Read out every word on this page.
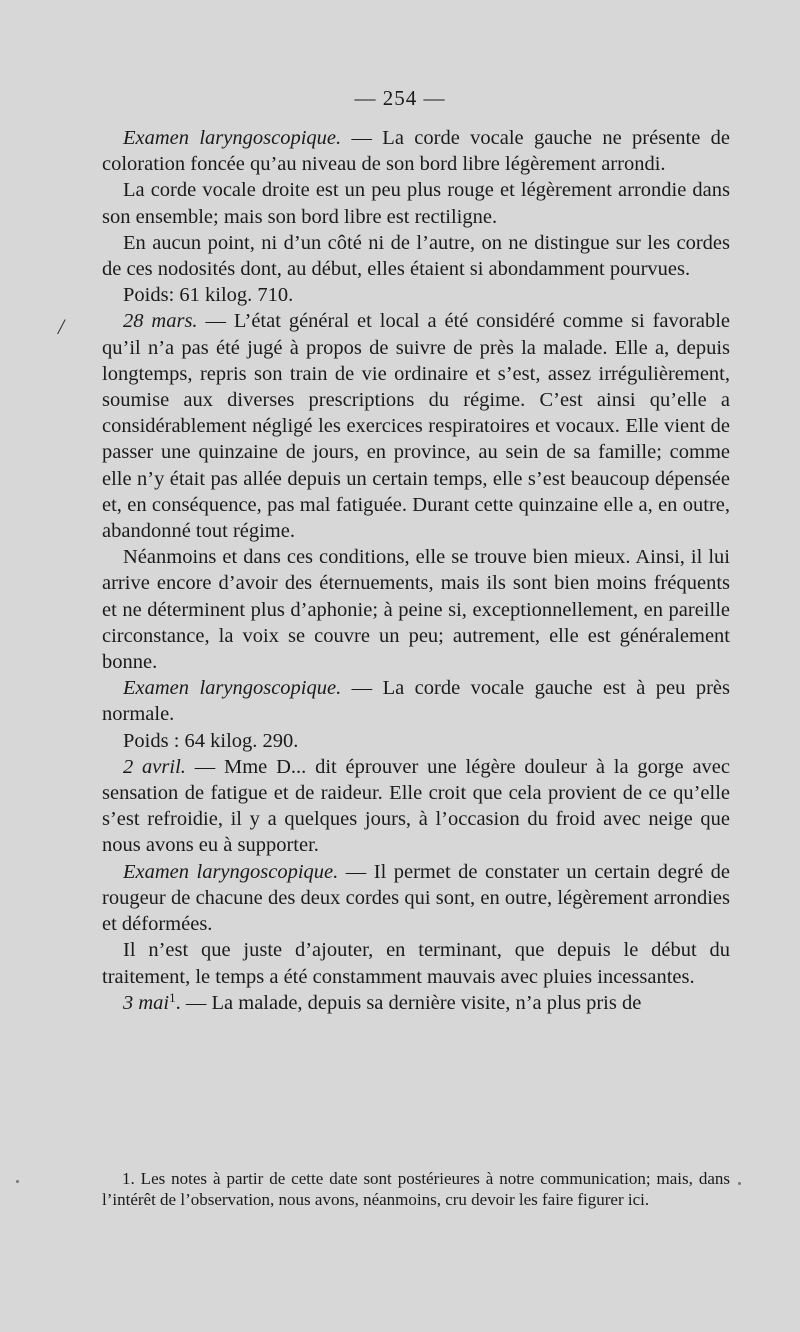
— 254 —
/

Examen laryngoscopique. — La corde vocale gauche ne présente de coloration foncée qu’au niveau de son bord libre légèrement arrondi.

La corde vocale droite est un peu plus rouge et légèrement arrondie dans son ensemble; mais son bord libre est rectiligne.

En aucun point, ni d’un côté ni de l’autre, on ne distingue sur les cordes de ces nodosités dont, au début, elles étaient si abondamment pourvues.

Poids: 61 kilog. 710.

28 mars. — L’état général et local a été considéré comme si favorable qu’il n’a pas été jugé à propos de suivre de près la malade. Elle a, depuis longtemps, repris son train de vie ordinaire et s’est, assez irrégulièrement, soumise aux diverses prescriptions du régime. C’est ainsi qu’elle a considérablement négligé les exercices respiratoires et vocaux. Elle vient de passer une quinzaine de jours, en province, au sein de sa famille; comme elle n’y était pas allée depuis un certain temps, elle s’est beaucoup dépensée et, en conséquence, pas mal fatiguée. Durant cette quinzaine elle a, en outre, abandonné tout régime.

Néanmoins et dans ces conditions, elle se trouve bien mieux. Ainsi, il lui arrive encore d’avoir des éternuements, mais ils sont bien moins fréquents et ne déterminent plus d’aphonie; à peine si, exceptionnellement, en pareille circonstance, la voix se couvre un peu; autrement, elle est généralement bonne.

Examen laryngoscopique. — La corde vocale gauche est à peu près normale.

Poids : 64 kilog. 290.

2 avril. — Mme D... dit éprouver une légère douleur à la gorge avec sensation de fatigue et de raideur. Elle croit que cela provient de ce qu’elle s’est refroidie, il y a quelques jours, à l’occasion du froid avec neige que nous avons eu à supporter.

Examen laryngoscopique. — Il permet de constater un certain degré de rougeur de chacune des deux cordes qui sont, en outre, légèrement arrondies et déformées.

Il n’est que juste d’ajouter, en terminant, que depuis le début du traitement, le temps a été constamment mauvais avec pluies incessantes.

3 mai$^1$. — La malade, depuis sa dernière visite, n’a plus pris de

1. Les notes à partir de cette date sont postérieures à notre communication; mais, dans l’intérêt de l’observation, nous avons, néanmoins, cru devoir les faire figurer ici.
